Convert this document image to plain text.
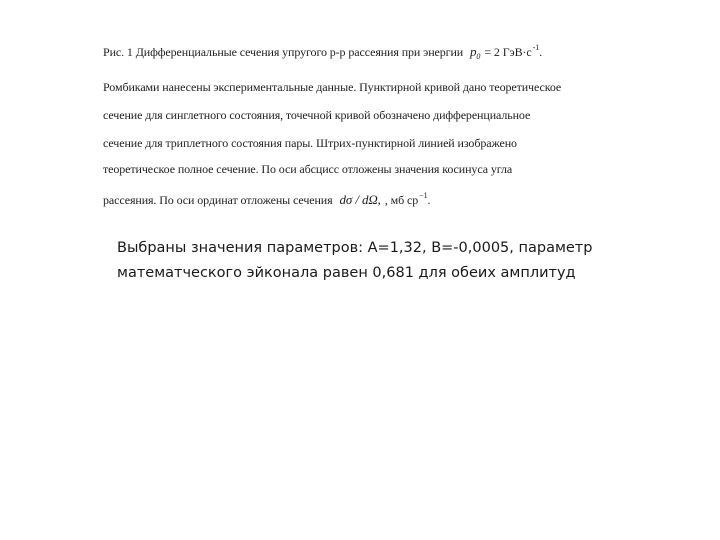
Рис. 1 Дифференциальные сечения упругого p-p рассеяния при энергии $p_0 = 2$ $ГэВ\cdot с^{-1}$.
Ромбиками нанесены экспериментальные данные. Пунктирной кривой дано теоретическое
сечение для синглетного состояния, точечной кривой обозначено дифференциальное
сечение для триплетного состояния пары. Штрих-пунктирной линией изображено
теоретическое полное сечение. По оси абсцисс отложены значения косинуса угла
рассеяния. По оси ординат отложены сечения dσ / dΩ, , мб $ср^{-1}$.
Выбраны значения параметров: A=1,32, B=-0,0005, параметр
математческого эйконала равен 0,681 для обеих амплитуд
